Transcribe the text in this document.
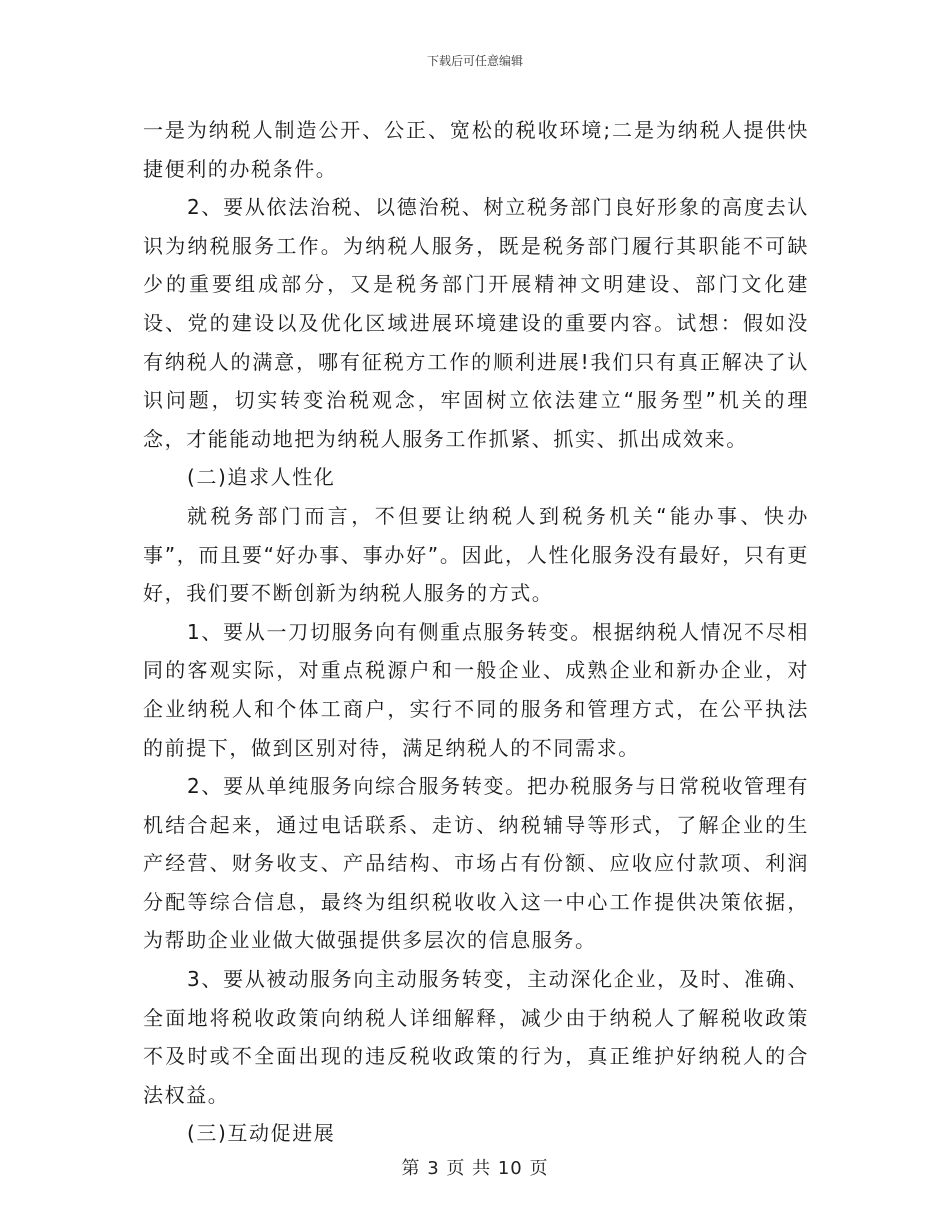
下载后可任意编辑

一是为纳税人制造公开、公正、宽松的税收环境;二是为纳税人提供快捷便利的办税条件。

2、要从依法治税、以德治税、树立税务部门良好形象的高度去认识为纳税服务工作。为纳税人服务，既是税务部门履行其职能不可缺少的重要组成部分，又是税务部门开展精神文明建设、部门文化建设、党的建设以及优化区域进展环境建设的重要内容。试想：假如没有纳税人的满意，哪有征税方工作的顺利进展!我们只有真正解决了认识问题，切实转变治税观念，牢固树立依法建立“服务型”机关的理念，才能能动地把为纳税人服务工作抓紧、抓实、抓出成效来。

(二)追求人性化

就税务部门而言，不但要让纳税人到税务机关“能办事、快办事”，而且要“好办事、事办好”。因此，人性化服务没有最好，只有更好，我们要不断创新为纳税人服务的方式。

1、要从一刀切服务向有侧重点服务转变。根据纳税人情况不尽相同的客观实际，对重点税源户和一般企业、成熟企业和新办企业，对企业纳税人和个体工商户，实行不同的服务和管理方式，在公平执法的前提下，做到区别对待，满足纳税人的不同需求。

2、要从单纯服务向综合服务转变。把办税服务与日常税收管理有机结合起来，通过电话联系、走访、纳税辅导等形式，了解企业的生产经营、财务收支、产品结构、市场占有份额、应收应付款项、利润分配等综合信息，最终为组织税收收入这一中心工作提供决策依据，为帮助企业业做大做强提供多层次的信息服务。

3、要从被动服务向主动服务转变，主动深化企业，及时、准确、全面地将税收政策向纳税人详细解释，减少由于纳税人了解税收政策不及时或不全面出现的违反税收政策的行为，真正维护好纳税人的合法权益。

(三)互动促进展

第 3 页 共 10 页
